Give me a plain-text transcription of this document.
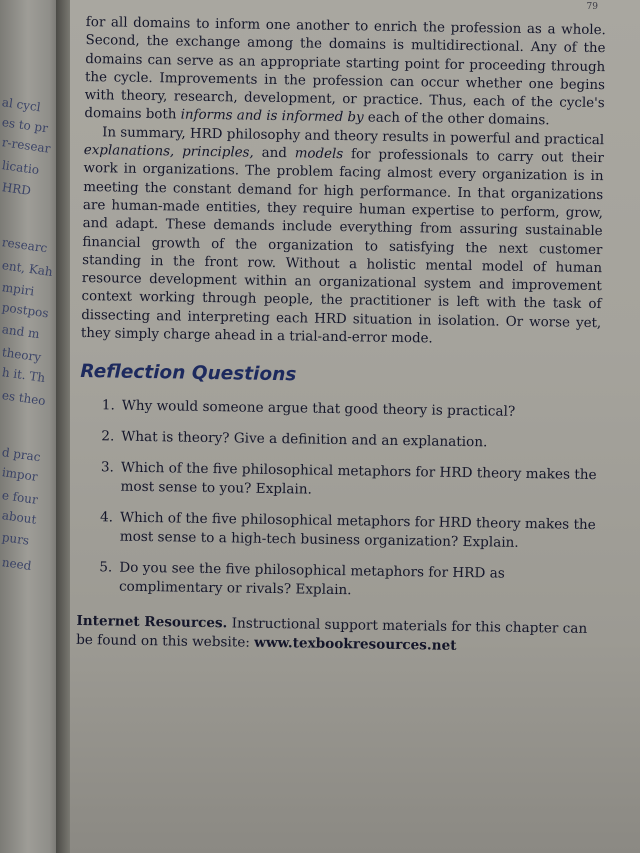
al cycl
es to pr
r-resear
licatio
HRD
researc
ent, Kah
mpiri
postpos
and m
theory
h it. Th
es theo
d prac
impor
e four
about
purs
need
79

for all domains to inform one another to enrich the profession as a whole. Second, the exchange among the domains is multidirectional. Any of the domains can serve as an appropriate starting point for proceeding through the cycle. Improvements in the profession can occur whether one begins with theory, research, development, or practice. Thus, each of the cycle's domains both informs and is informed by each of the other domains.

In summary, HRD philosophy and theory results in powerful and practical explanations, principles, and models for professionals to carry out their work in organizations. The problem facing almost every organization is in meeting the constant demand for high performance. In that organizations are human-made entities, they require human expertise to perform, grow, and adapt. These demands include everything from assuring sustainable financial growth of the organization to satisfying the next customer standing in the front row. Without a holistic mental model of human resource development within an organizational system and improvement context working through people, the practitioner is left with the task of dissecting and interpreting each HRD situation in isolation. Or worse yet, they simply charge ahead in a trial-and-error mode.

Reflection Questions
1. Why would someone argue that good theory is practical?
2. What is theory? Give a definition and an explanation.
3. Which of the five philosophical metaphors for HRD theory makes the most sense to you? Explain.
4. Which of the five philosophical metaphors for HRD theory makes the most sense to a high-tech business organization? Explain.
5. Do you see the five philosophical metaphors for HRD as complimentary or rivals? Explain.

Internet Resources. Instructional support materials for this chapter can be found on this website: www.texbookresources.net
